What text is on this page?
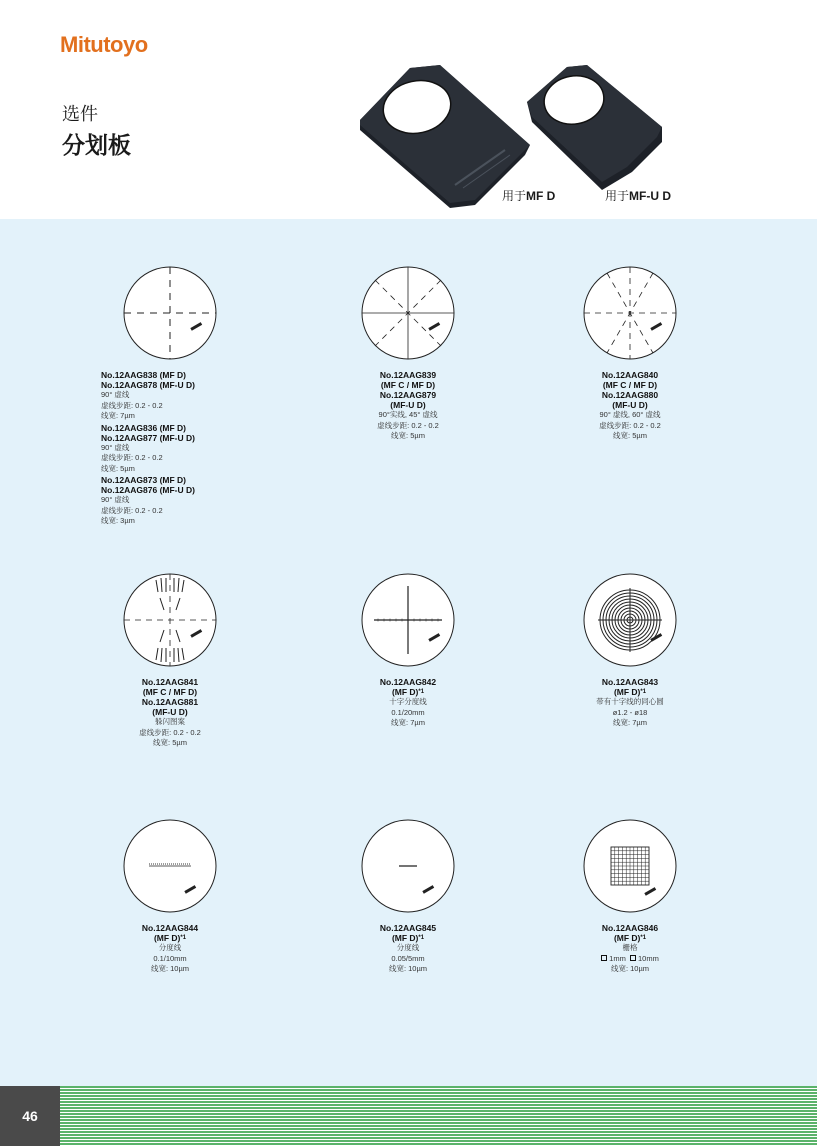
Mitutoyo
选件
分划板
用于MF D	用于MF-U D
No.12AAG838 (MF D)
No.12AAG878 (MF-U D)
90° 虚线
虚线步距: 0.2 - 0.2
线宽: 7µm
No.12AAG836 (MF D)
No.12AAG877 (MF-U D)
90° 虚线
虚线步距: 0.2 - 0.2
线宽: 5µm
No.12AAG873 (MF D)
No.12AAG876 (MF-U D)
90° 虚线
虚线步距: 0.2 - 0.2
线宽: 3µm
No.12AAG839
(MF C / MF D)
No.12AAG879
(MF-U D)
90°实线, 45° 虚线
虚线步距: 0.2 - 0.2
线宽: 5µm
No.12AAG840
(MF C / MF D)
No.12AAG880
(MF-U D)
90° 虚线, 60° 虚线
虚线步距: 0.2 - 0.2
线宽: 5µm
No.12AAG841
(MF C / MF D)
No.12AAG881
(MF-U D)
躲闪图案
虚线步距: 0.2 - 0.2
线宽: 5µm
No.12AAG842
(MF D)$^{*1}$
十字分度线
0.1/20mm
线宽: 7µm
No.12AAG843
(MF D)$^{*1}$
带有十字线的同心圆
ø1.2 - ø18
线宽: 7µm
No.12AAG844
(MF D)$^{*1}$
分度线
0.1/10mm
线宽: 10µm
No.12AAG845
(MF D)$^{*1}$
分度线
0.05/5mm
线宽: 10µm
No.12AAG846
(MF D)$^{*1}$
栅格
1mm 10mm
线宽: 10µm
46
